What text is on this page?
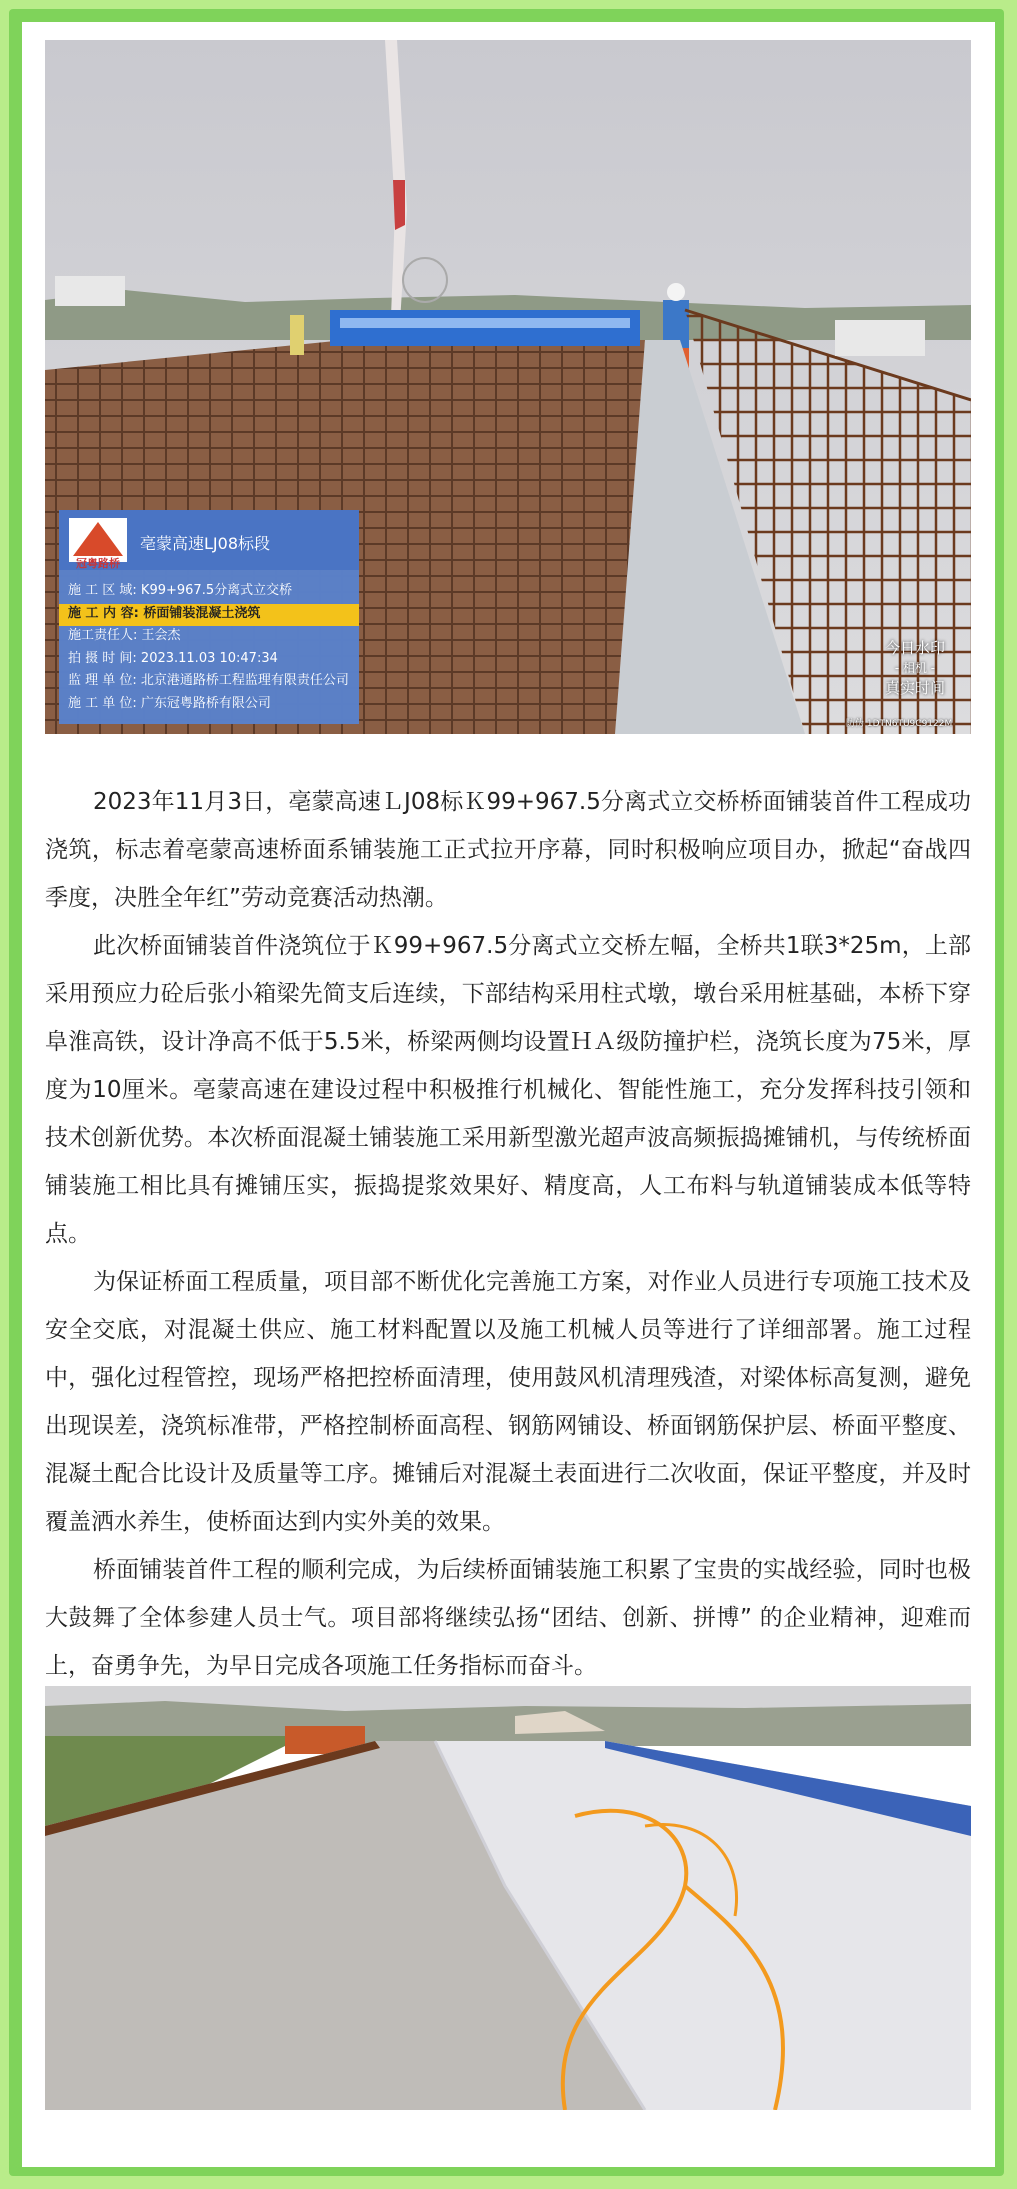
冠粤路桥
亳蒙高速LJ08标段
施 工 区 域: K99+967.5分离式立交桥
施 工 内 容: 桥面铺装混凝土浇筑
施工责任人: 王会杰
拍 摄 时 间: 2023.11.03 10:47:34
监 理 单 位: 北京港通路桥工程监理有限责任公司
施 工 单 位: 广东冠粤路桥有限公司
今日水印
- 相机 -
真实时间
防伪 1DTN6TU9C9122M

2023年11月3日，亳蒙高速ＬJ08标Ｋ99+967.5分离式立交桥桥面铺装首件工程成功浇筑，标志着亳蒙高速桥面系铺装施工正式拉开序幕，同时积极响应项目办，掀起“奋战四季度，决胜全年红”劳动竞赛活动热潮。

此次桥面铺装首件浇筑位于Ｋ99+967.5分离式立交桥左幅，全桥共1联3*25m，上部采用预应力砼后张小箱梁先简支后连续，下部结构采用柱式墩，墩台采用桩基础，本桥下穿阜淮高铁，设计净高不低于5.5米，桥梁两侧均设置ＨＡ级防撞护栏，浇筑长度为75米，厚度为10厘米。亳蒙高速在建设过程中积极推行机械化、智能性施工，充分发挥科技引领和技术创新优势。本次桥面混凝土铺装施工采用新型激光超声波高频振捣摊铺机，与传统桥面铺装施工相比具有摊铺压实，振捣提浆效果好、精度高，人工布料与轨道铺装成本低等特点。

为保证桥面工程质量，项目部不断优化完善施工方案，对作业人员进行专项施工技术及安全交底，对混凝土供应、施工材料配置以及施工机械人员等进行了详细部署。施工过程中，强化过程管控，现场严格把控桥面清理，使用鼓风机清理残渣，对梁体标高复测，避免出现误差，浇筑标准带，严格控制桥面高程、钢筋网铺设、桥面钢筋保护层、桥面平整度、混凝土配合比设计及质量等工序。摊铺后对混凝土表面进行二次收面，保证平整度，并及时覆盖洒水养生，使桥面达到内实外美的效果。

桥面铺装首件工程的顺利完成，为后续桥面铺装施工积累了宝贵的实战经验，同时也极大鼓舞了全体参建人员士气。项目部将继续弘扬“团结、创新、拼博” 的企业精神，迎难而上，奋勇争先，为早日完成各项施工任务指标而奋斗。
